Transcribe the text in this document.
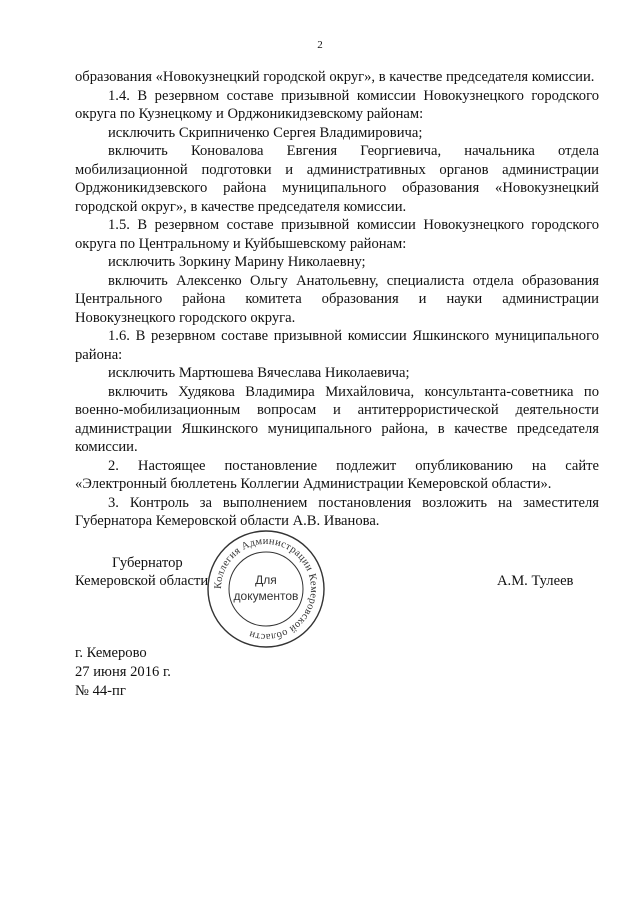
2

образования «Новокузнецкий городской округ», в качестве председателя комиссии.

1.4. В резервном составе призывной комиссии Новокузнецкого городского округа по Кузнецкому и Орджоникидзевскому районам:

исключить Скрипниченко Сергея Владимировича;

включить Коновалова Евгения Георгиевича, начальника отдела мобилизационной подготовки и административных органов администрации Орджоникидзевского района муниципального образования «Новокузнецкий городской округ», в качестве председателя комиссии.

1.5. В резервном составе призывной комиссии Новокузнецкого городского округа по Центральному и Куйбышевскому районам:

исключить Зоркину Марину Николаевну;

включить Алексенко Ольгу Анатольевну, специалиста отдела образования Центрального района комитета образования и науки администрации Новокузнецкого городского округа.

1.6. В резервном составе призывной комиссии Яшкинского муниципального района:

исключить Мартюшева Вячеслава Николаевича;

включить Худякова Владимира Михайловича, консультанта-советника по военно-мобилизационным вопросам и антитеррористической деятельности администрации Яшкинского муниципального района, в качестве председателя комиссии.

2. Настоящее постановление подлежит опубликованию на сайте «Электронный бюллетень Коллегии Администрации Кемеровской области».

3. Контроль за выполнением постановления возложить на заместителя Губернатора Кемеровской области А.В. Иванова.

Коллегия Администрации Кемеровской области
Для
документов
Губернатор
Кемеровской области	А.М. Тулеев
г. Кемерово
27 июня 2016 г.
№ 44-пг
